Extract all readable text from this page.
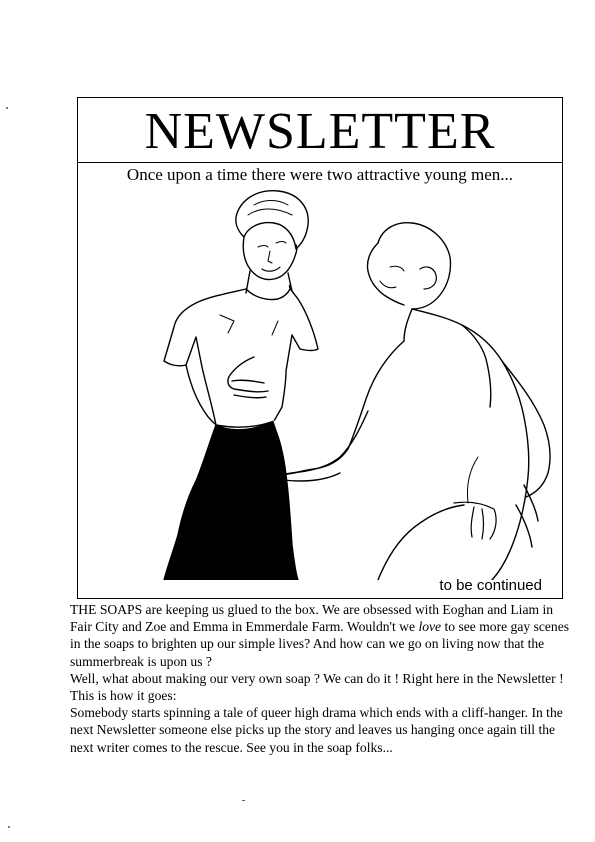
NEWSLETTER
Once upon a time there were two attractive young men...
to be continued

THE SOAPS are keeping us glued to the box. We are obsessed with Eoghan and Liam in Fair City and Zoe and Emma in Emmerdale Farm. Wouldn't we love to see more gay scenes in the soaps to brighten up our simple lives? And how can we go on living now that the summerbreak is upon us ?

Well, what about making our very own soap ? We can do it ! Right here in the Newsletter !

This is how it goes:

Somebody starts spinning a tale of queer high drama which ends with a cliff-hanger. In the next Newsletter someone else picks up the story and leaves us hanging once again till the next writer comes to the rescue. See you in the soap folks...
